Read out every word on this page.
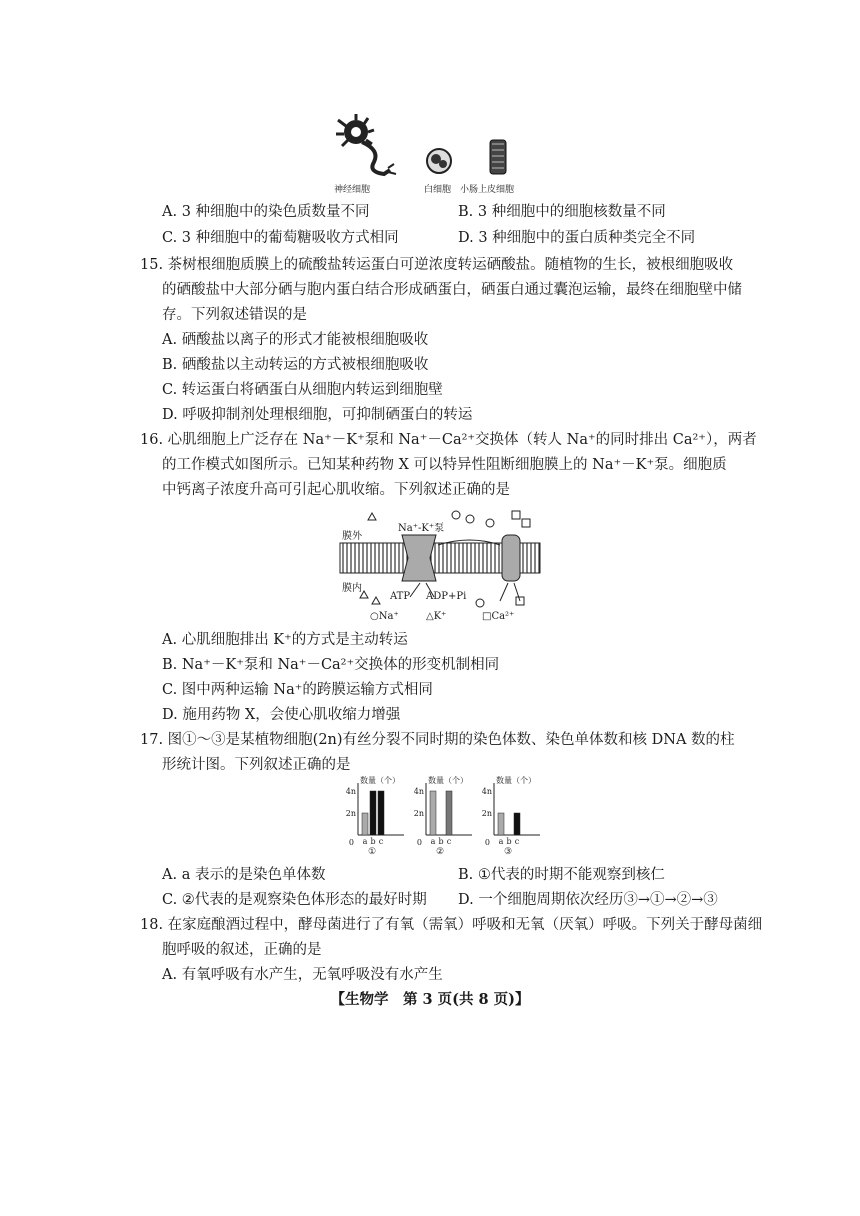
神经细胞	白细胞 小肠上皮细胞
A. 3 种细胞中的染色质数量不同	B. 3 种细胞中的细胞核数量不同
C. 3 种细胞中的葡萄糖吸收方式相同	D. 3 种细胞中的蛋白质种类完全不同
15. 茶树根细胞质膜上的硫酸盐转运蛋白可逆浓度转运硒酸盐。随植物的生长，被根细胞吸收
的硒酸盐中大部分硒与胞内蛋白结合形成硒蛋白，硒蛋白通过囊泡运输，最终在细胞壁中储
存。下列叙述错误的是
A. 硒酸盐以离子的形式才能被根细胞吸收
B. 硒酸盐以主动转运的方式被根细胞吸收
C. 转运蛋白将硒蛋白从细胞内转运到细胞壁
D. 呼吸抑制剂处理根细胞，可抑制硒蛋白的转运
16. 心肌细胞上广泛存在 Na⁺－K⁺泵和 Na⁺－Ca²⁺交换体（转人 Na⁺的同时排出 Ca²⁺），两者
的工作模式如图所示。已知某种药物 X 可以特异性阻断细胞膜上的 Na⁺－K⁺泵。细胞质
中钙离子浓度升高可引起心肌收缩。下列叙述正确的是
膜外
膜内
Na⁺-K⁺泵
ATP ADP+Pi
○Na⁺	△K⁺	□Ca²⁺
A. 心肌细胞排出 K⁺的方式是主动转运
B. Na⁺－K⁺泵和 Na⁺－Ca²⁺交换体的形变机制相同
C. 图中两种运输 Na⁺的跨膜运输方式相同
D. 施用药物 X，会使心肌收缩力增强
17. 图①～③是某植物细胞(2n)有丝分裂不同时期的染色体数、染色单体数和核 DNA 数的柱
形统计图。下列叙述正确的是
数量（个）
2n
4n
0 a b c
①
数量（个）
2n
4n
0 a b c
②
数量（个）
2n
4n
0 a b c
③
A. a 表示的是染色单体数	B. ①代表的时期不能观察到核仁
C. ②代表的是观察染色体形态的最好时期 D. 一个细胞周期依次经历③→①→②→③
18. 在家庭酿酒过程中，酵母菌进行了有氧（需氧）呼吸和无氧（厌氧）呼吸。下列关于酵母菌细
胞呼吸的叙述，正确的是
A. 有氧呼吸有水产生，无氧呼吸没有水产生
【生物学　第 3 页(共 8 页)】
